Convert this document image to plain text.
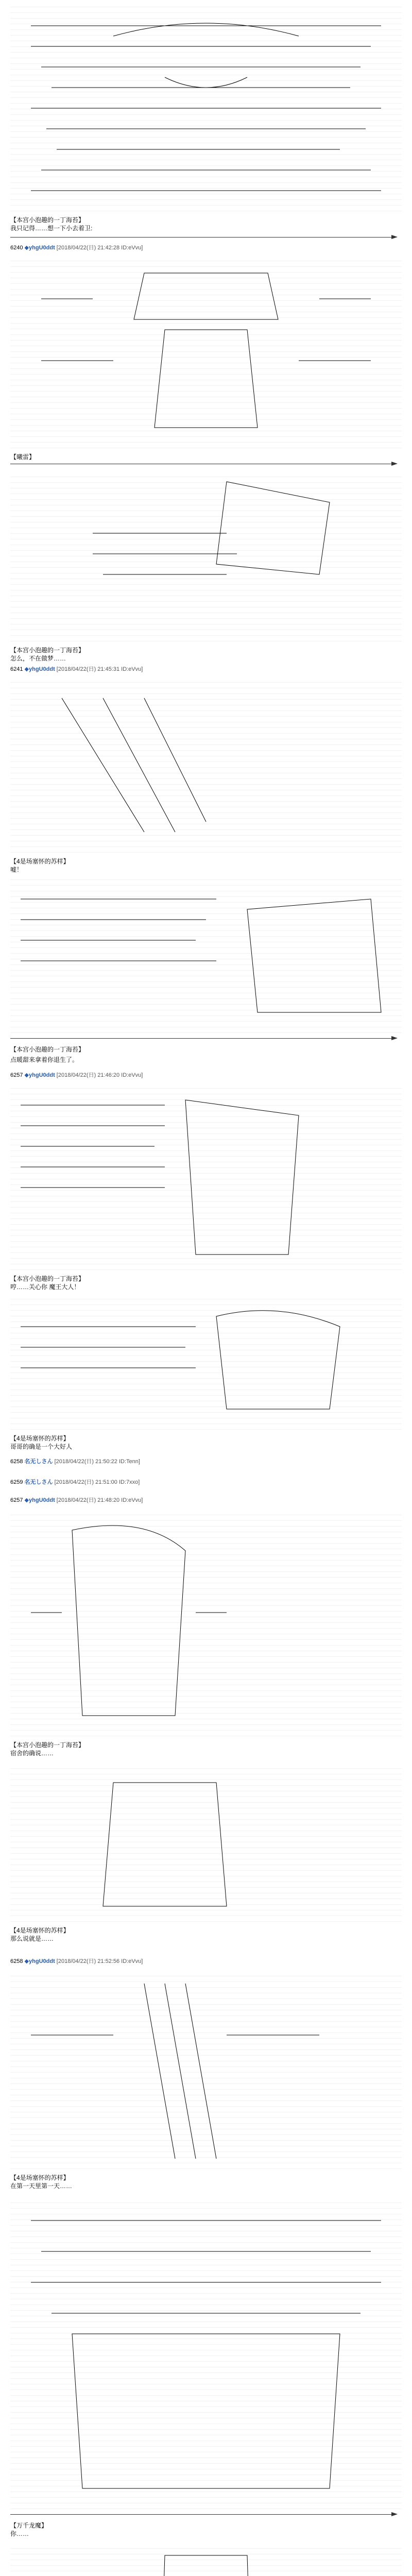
【本宫小泡趣的一丁海苔】
我只记得……想一下小去着卫:
6240 ◆yhgU0ddt [2018/04/22(日) 21:42:28 ID:eVvu]
【曦雷】
【本宫小泡趣的一丁海苔】
怎么，不在做梦……
6241 ◆yhgU0ddt [2018/04/22(日) 21:45:31 ID:eVvu]
【4是场塞怀的苏样】
嘘！
【本宫小泡趣的一丁海苔】
点暖甜来拿着你退生了。
6257 ◆yhgU0ddt [2018/04/22(日) 21:46:20 ID:eVvu]
【本宫小泡趣的一丁海苔】
哼……关心你 魔王大人！
【4是场塞怀的苏样】
哥哥的确是一个大好人
6258 名无しさん [2018/04/22(日) 21:50:22 ID:Tenn]
6259 名无しさん [2018/04/22(日) 21:51:00 ID:7xxo]
6257 ◆yhgU0ddt [2018/04/22(日) 21:48:20 ID:eVvu]
【本宫小泡趣的一丁海苔】
宿舍的确说……
【4是场塞怀的苏样】
那么说就是……
6258 ◆yhgU0ddt [2018/04/22(日) 21:52:56 ID:eVvu]
【4是场塞怀的苏样】
在第一天里第一天……
【万千龙魔】
你……
